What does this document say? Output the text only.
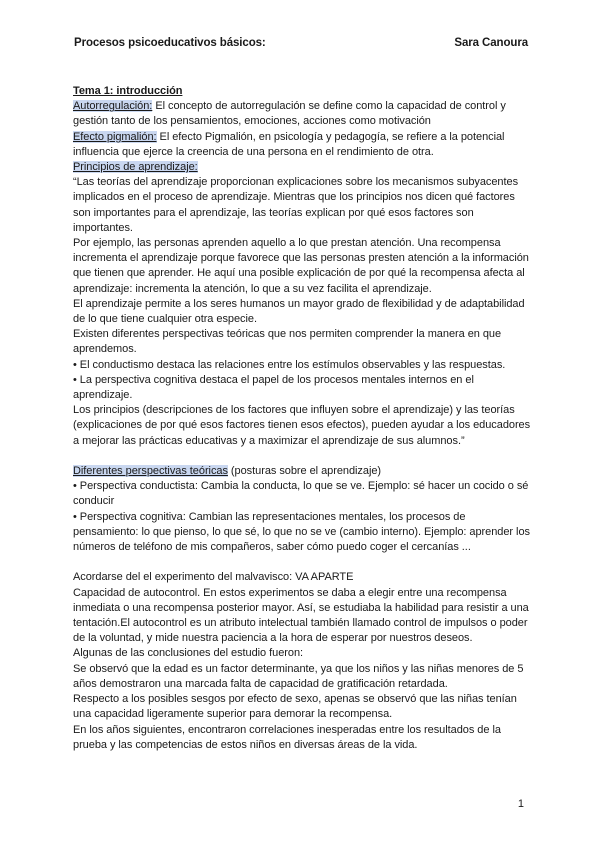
Procesos psicoeducativos básicos:	Sara Canoura

Tema 1: introducción

Autorregulación: El concepto de autorregulación se define como la capacidad de control y gestión tanto de los pensamientos, emociones, acciones como motivación

Efecto pigmalión: El efecto Pigmalión, en psicología y pedagogía, se refiere a la potencial influencia que ejerce la creencia de una persona en el rendimiento de otra.

Principios de aprendizaje:

“Las teorías del aprendizaje proporcionan explicaciones sobre los mecanismos subyacentes implicados en el proceso de aprendizaje. Mientras que los principios nos dicen qué factores son importantes para el aprendizaje, las teorías explican por qué esos factores son importantes.

Por ejemplo, las personas aprenden aquello a lo que prestan atención. Una recompensa incrementa el aprendizaje porque favorece que las personas presten atención a la información que tienen que aprender. He aquí una posible explicación de por qué la recompensa afecta al aprendizaje: incrementa la atención, lo que a su vez facilita el aprendizaje.

El aprendizaje permite a los seres humanos un mayor grado de flexibilidad y de adaptabilidad de lo que tiene cualquier otra especie.

Existen diferentes perspectivas teóricas que nos permiten comprender la manera en que aprendemos.

• El conductismo destaca las relaciones entre los estímulos observables y las respuestas.

• La perspectiva cognitiva destaca el papel de los procesos mentales internos en el aprendizaje.

Los principios (descripciones de los factores que influyen sobre el aprendizaje) y las teorías (explicaciones de por qué esos factores tienen esos efectos), pueden ayudar a los educadores a mejorar las prácticas educativas y a maximizar el aprendizaje de sus alumnos.”

Diferentes perspectivas teóricas (posturas sobre el aprendizaje)

• Perspectiva conductista: Cambia la conducta, lo que se ve. Ejemplo: sé hacer un cocido o sé conducir

• Perspectiva cognitiva: Cambian las representaciones mentales, los procesos de pensamiento: lo que pienso, lo que sé, lo que no se ve (cambio interno). Ejemplo: aprender los números de teléfono de mis compañeros, saber cómo puedo coger el cercanías ...

Acordarse del el experimento del malvavisco: VA APARTE

Capacidad de autocontrol. En estos experimentos se daba a elegir entre una recompensa inmediata o una recompensa posterior mayor. Así, se estudiaba la habilidad para resistir a una tentación.El autocontrol es un atributo intelectual también llamado control de impulsos o poder de la voluntad, y mide nuestra paciencia a la hora de esperar por nuestros deseos.

Algunas de las conclusiones del estudio fueron:

Se observó que la edad es un factor determinante, ya que los niños y las niñas menores de 5 años demostraron una marcada falta de capacidad de gratificación retardada.

Respecto a los posibles sesgos por efecto de sexo, apenas se observó que las niñas tenían una capacidad ligeramente superior para demorar la recompensa.

En los años siguientes, encontraron correlaciones inesperadas entre los resultados de la prueba y las competencias de estos niños en diversas áreas de la vida.

1
